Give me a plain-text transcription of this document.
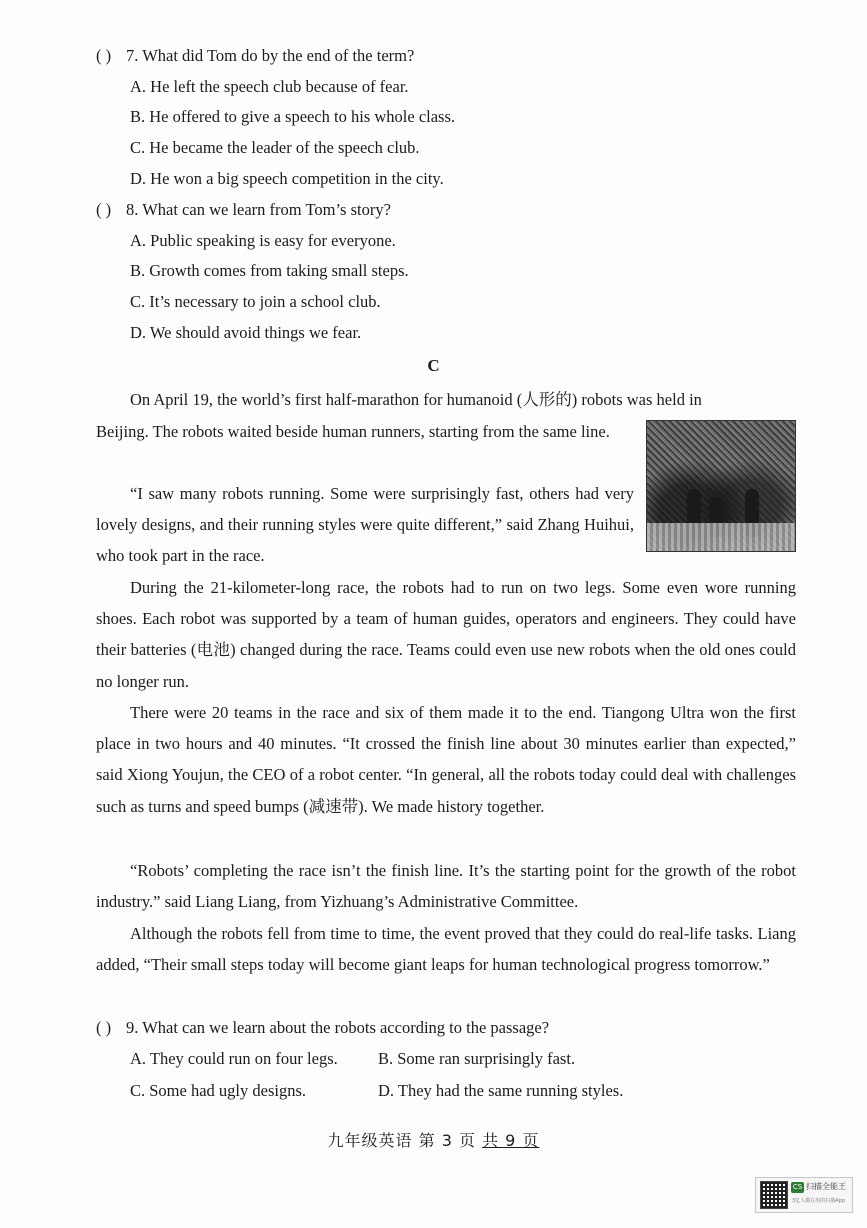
( ) 7. What did Tom do by the end of the term?
A. He left the speech club because of fear.
B. He offered to give a speech to his whole class.
C. He became the leader of the speech club.
D. He won a big speech competition in the city.
( ) 8. What can we learn from Tom’s story?
A. Public speaking is easy for everyone.
B. Growth comes from taking small steps.
C. It’s necessary to join a school club.
D. We should avoid things we fear.
C
On April 19, the world’s first half-marathon for humanoid (人形的) robots was held in
Beijing. The robots waited beside human runners, starting from the same line.
“I saw many robots running. Some were surprisingly fast, others had very lovely designs, and their running styles were quite different,” said Zhang Huihui, who took part in the race.
During the 21-kilometer-long race, the robots had to run on two legs. Some even wore running shoes. Each robot was supported by a team of human guides, operators and engineers. They could have their batteries (电池) changed during the race. Teams could even use new robots when the old ones could no longer run.
There were 20 teams in the race and six of them made it to the end. Tiangong Ultra won the first place in two hours and 40 minutes. “It crossed the finish line about 30 minutes earlier than expected,” said Xiong Youjun, the CEO of a robot center. “In general, all the robots today could deal with challenges such as turns and speed bumps (减速带). We made history together.
“Robots’ completing the race isn’t the finish line. It’s the starting point for the growth of the robot industry.” said Liang Liang, from Yizhuang’s Administrative Committee.
Although the robots fell from time to time, the event proved that they could do real-life tasks. Liang added, “Their small steps today will become giant leaps for human technological progress tomorrow.”
( ) 9. What can we learn about the robots according to the passage?
A. They could run on four legs. B. Some ran surprisingly fast.
C. Some had ugly designs.	D. They had the same running styles.
九年级英语 第 3 页 共 9 页
CS 扫描全能王
3亿人都在用的扫描App
